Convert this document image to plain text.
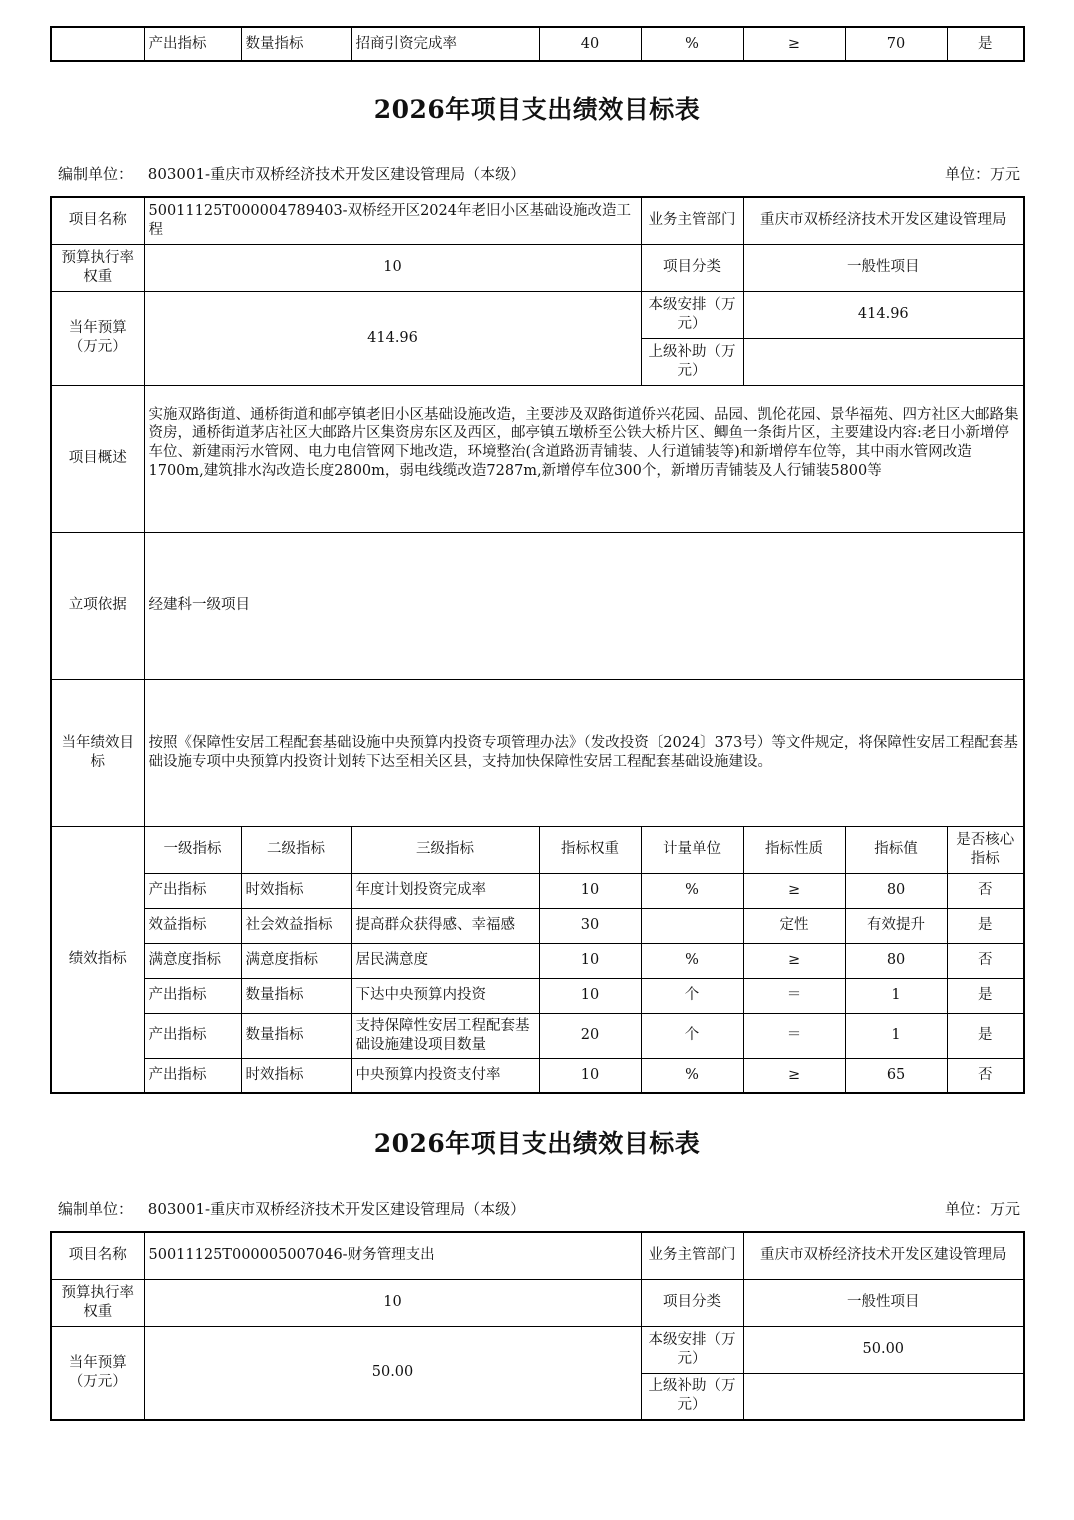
	产出指标	数量指标	招商引资完成率	40	%	≥	70	是
2026年项目支出绩效目标表
编制单位： 803001-重庆市双桥经济技术开发区建设管理局（本级）	单位：万元
项目名称	50011125T000004789403-双桥经开区2024年老旧小区基础设施改造工程				业务主管部门	重庆市双桥经济技术开发区建设管理局		
预算执行率权重	10				项目分类	一般性项目		
当年预算（万元）	414.96				本级安排（万元）	414.96		
					上级补助（万元）			
项目概述	实施双路街道、通桥街道和邮亭镇老旧小区基础设施改造，主要涉及双路街道侨兴花园、品园、凯伦花园、景华福苑、四方社区大邮路集资房，通桥街道茅店社区大邮路片区集资房东区及西区，邮亭镇五墩桥至公铁大桥片区、鲫鱼一条街片区，主要建设内容:老日小新增停车位、新建雨污水管网、电力电信管网下地改造，环境整治(含道路沥青铺装、人行道铺装等)和新增停车位等，其中雨水管网改造1700m,建筑排水沟改造长度2800m，弱电线缆改造7287m,新增停车位300个，新增历青铺装及人行铺装5800等							
立项依据	经建科一级项目							
当年绩效目标	按照《保障性安居工程配套基础设施中央预算内投资专项管理办法》（发改投资〔2024〕373号）等文件规定，将保障性安居工程配套基础设施专项中央预算内投资计划转下达至相关区县，支持加快保障性安居工程配套基础设施建设。							
绩效指标	一级指标	二级指标	三级指标	指标权重	计量单位	指标性质	指标值	是否核心指标
	产出指标	时效指标	年度计划投资完成率	10	%	≥	80	否
	效益指标	社会效益指标	提高群众获得感、幸福感	30		定性	有效提升	是
	满意度指标	满意度指标	居民满意度	10	%	≥	80	否
	产出指标	数量指标	下达中央预算内投资	10	个	＝	1	是
	产出指标	数量指标	支持保障性安居工程配套基础设施建设项目数量	20	个	＝	1	是
	产出指标	时效指标	中央预算内投资支付率	10	%	≥	65	否
2026年项目支出绩效目标表
编制单位： 803001-重庆市双桥经济技术开发区建设管理局（本级）	单位：万元
项目名称	50011125T000005007046-财务管理支出	业务主管部门	重庆市双桥经济技术开发区建设管理局
预算执行率权重	10	项目分类	一般性项目
当年预算（万元）	50.00	本级安排（万元）	50.00
		上级补助（万元）	
